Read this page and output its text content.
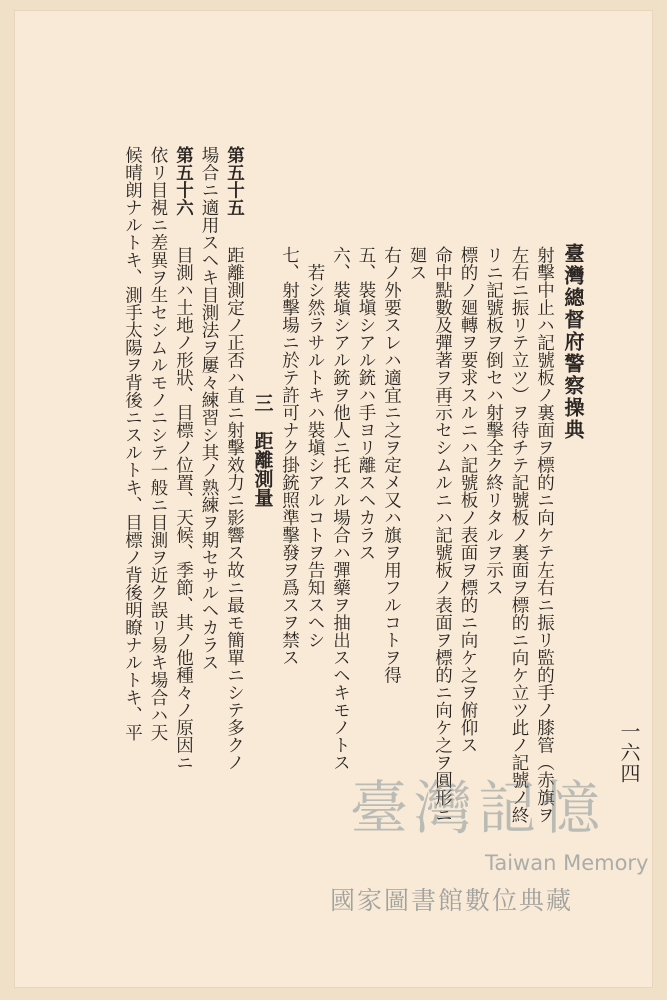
一六四
臺灣總督府警察操典
射擊中止ハ記號板ノ裏面ヲ標的ニ向ケテ左右ニ振リ監的手ノ膝管（赤旗ヲ
左右ニ振リテ立ツ）ヲ待チテ記號板ノ裏面ヲ標的ニ向ケ立ツ此ノ記號ノ終
リニ記號板ヲ倒セハ射擊全ク終リタルヲ示ス
標的ノ廻轉ヲ要求スルニハ記號板ノ表面ヲ標的ニ向ケ之ヲ俯仰ス
命中點數及彈著ヲ再示セシムルニハ記號板ノ表面ヲ標的ニ向ケ之ヲ圓形ニ
廻ス
右ノ外要スレハ適宜ニ之ヲ定メ又ハ旗ヲ用フルコトヲ得
五、裝塡シアル銃ハ手ヨリ離スヘカラス
六、裝塡シアル銃ヲ他人ニ托スル場合ハ彈藥ヲ抽出スヘキモノトス
　若シ然ラサルトキハ裝塡シアルコトヲ告知スヘシ
七、射擊場ニ於テ許可ナク掛銃照準擊發ヲ爲スヲ禁ス
三　距離測量
第五十五
距離測定ノ正否ハ直ニ射擊效力ニ影響ス故ニ最モ簡單ニシテ多クノ
場合ニ適用スヘキ目測法ヲ屢々練習シ其ノ熟練ヲ期セサルヘカラス
第五十六
目測ハ土地ノ形狀、目標ノ位置、天候、季節、其ノ他種々ノ原因ニ
依リ目視ニ差異ヲ生セシムルモノニシテ一般ニ目測ヲ近ク誤リ易キ場合ハ天
候晴朗ナルトキ、測手太陽ヲ背後ニスルトキ、目標ノ背後明瞭ナルトキ、平
臺灣記憶
Taiwan Memory
國家圖書館數位典藏
